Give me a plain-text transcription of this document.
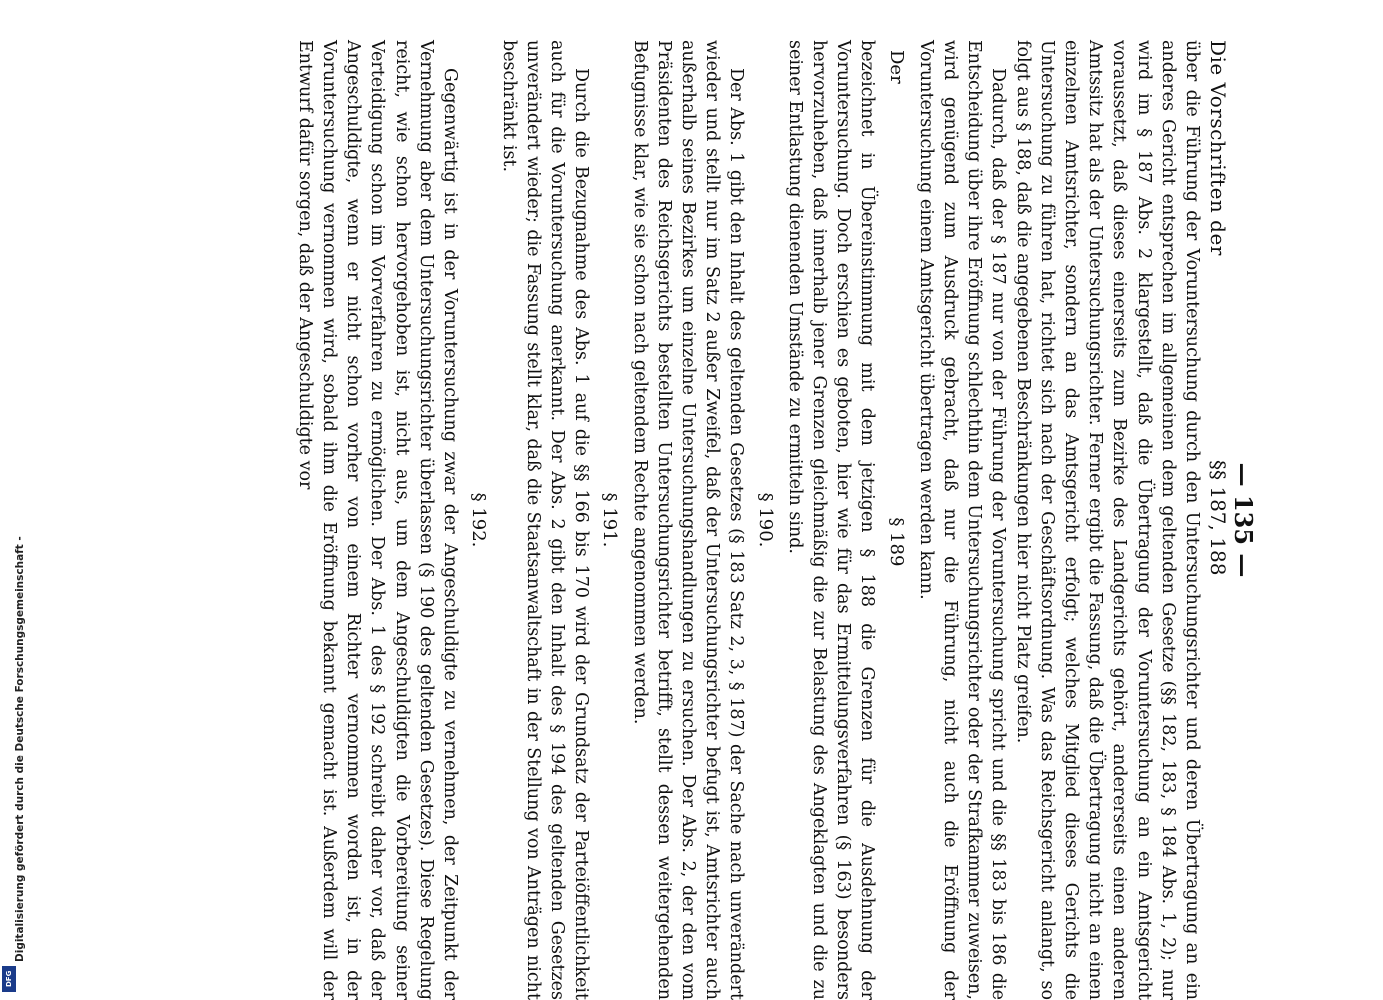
Digitalisierung gefördert durch die Deutsche Forschungsgemeinschaft -
DFG
— 135 —
Die Vorschriften der
§§ 187, 188

über die Führung der Voruntersuchung durch den Untersuchungsrichter und deren Übertragung an ein anderes Gericht entsprechen im allgemeinen dem geltenden Gesetze (§§ 182, 183, § 184 Abs. 1, 2); nur wird im § 187 Abs. 2 klargestellt, daß die Übertragung der Voruntersuchung an ein Amtsgericht voraussetzt, daß dieses einerseits zum Bezirke des Landgerichts gehört, andererseits einen anderen Amtssitz hat als der Untersuchungsrichter. Ferner ergibt die Fassung, daß die Übertragung nicht an einen einzelnen Amtsrichter, sondern an das Amtsgericht erfolgt; welches Mitglied dieses Gerichts die Untersuchung zu führen hat, richtet sich nach der Geschäftsordnung. Was das Reichsgericht anlangt, so folgt aus § 188, daß die angegebenen Beschränkungen hier nicht Platz greifen.

Dadurch, daß der § 187 nur von der Führung der Voruntersuchung spricht und die §§ 183 bis 186 die Entscheidung über ihre Eröffnung schlechthin dem Untersuchungsrichter oder der Strafkammer zuweisen, wird genügend zum Ausdruck gebracht, daß nur die Führung, nicht auch die Eröffnung der Voruntersuchung einem Amtsgericht übertragen werden kann.

Der
§ 189

bezeichnet in Übereinstimmung mit dem jetzigen § 188 die Grenzen für die Ausdehnung der Voruntersuchung. Doch erschien es geboten, hier wie für das Ermittelungsverfahren (§ 163) besonders hervorzuheben, daß innerhalb jener Grenzen gleichmäßig die zur Belastung des Angeklagten und die zu seiner Entlastung dienenden Umstände zu ermitteln sind.

§ 190.

Der Abs. 1 gibt den Inhalt des geltenden Gesetzes (§ 183 Satz 2, 3, § 187) der Sache nach unverändert wieder und stellt nur im Satz 2 außer Zweifel, daß der Untersuchungsrichter befugt ist, Amtsrichter auch außerhalb seines Bezirkes um einzelne Untersuchungshandlungen zu ersuchen. Der Abs. 2, der den vom Präsidenten des Reichsgerichts bestellten Untersuchungsrichter betrifft, stellt dessen weitergehenden Befugnisse klar, wie sie schon nach geltendem Rechte angenommen werden.

§ 191.

Durch die Bezugnahme des Abs. 1 auf die §§ 166 bis 170 wird der Grundsatz der Parteiöffentlichkeit auch für die Voruntersuchung anerkannt. Der Abs. 2 gibt den Inhalt des § 194 des geltenden Gesetzes unverändert wieder; die Fassung stellt klar, daß die Staatsanwaltschaft in der Stellung von Anträgen nicht beschränkt ist.

§ 192.

Gegenwärtig ist in der Voruntersuchung zwar der Angeschuldigte zu vernehmen, der Zeitpunkt der Vernehmung aber dem Untersuchungsrichter überlassen (§ 190 des geltenden Gesetzes). Diese Regelung reicht, wie schon hervorgehoben ist, nicht aus, um dem Angeschuldigten die Vorbereitung seiner Verteidigung schon im Vorverfahren zu ermöglichen. Der Abs. 1 des § 192 schreibt daher vor, daß der Angeschuldigte, wenn er nicht schon vorher von einem Richter vernommen worden ist, in der Voruntersuchung vernommen wird, sobald ihm die Eröffnung bekannt gemacht ist. Außerdem will der Entwurf dafür sorgen, daß der Angeschuldigte vor
